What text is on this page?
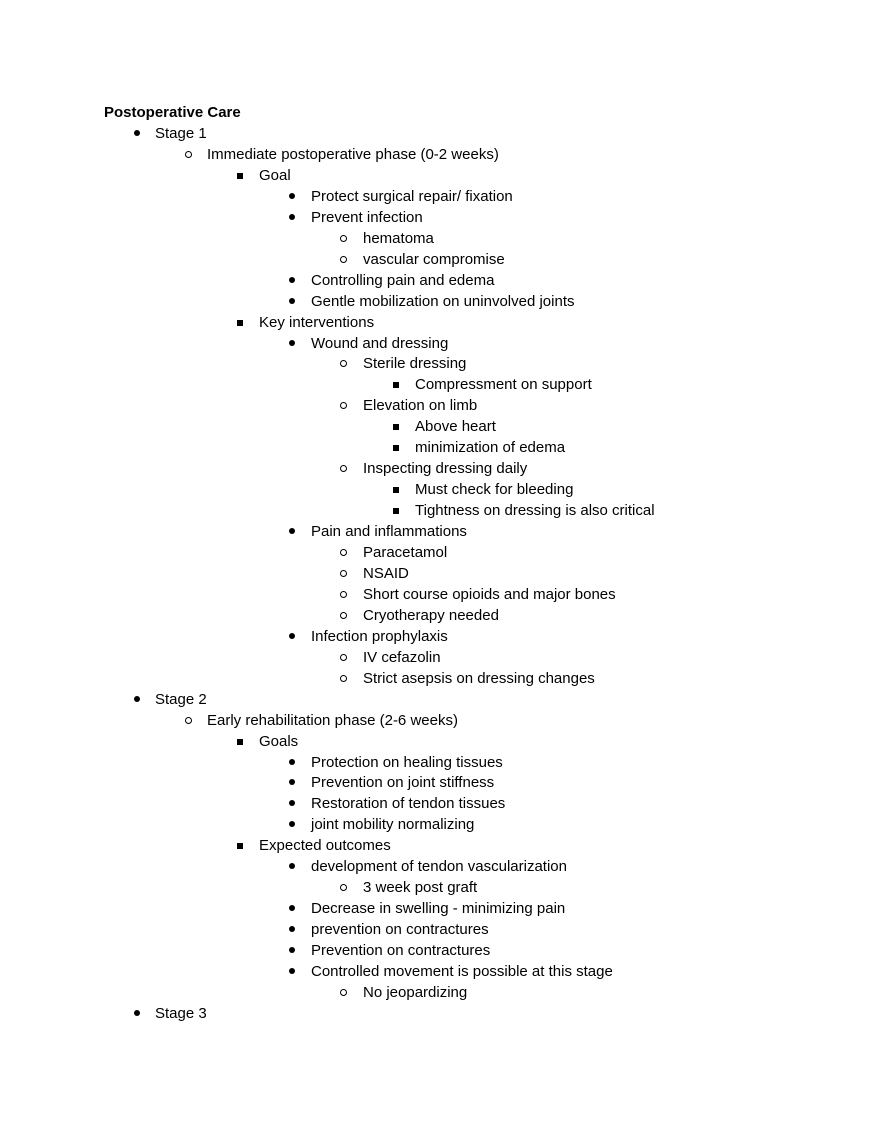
Postoperative Care
Stage 1
Immediate postoperative phase (0-2 weeks)
Goal
Protect surgical repair/ fixation
Prevent infection
hematoma
vascular compromise
Controlling pain and edema
Gentle mobilization on uninvolved joints
Key interventions
Wound and dressing
Sterile dressing
Compressment on support
Elevation on limb
Above heart
minimization of edema
Inspecting dressing daily
Must check for bleeding
Tightness on dressing is also critical
Pain and inflammations
Paracetamol
NSAID
Short course opioids and major bones
Cryotherapy needed
Infection prophylaxis
IV cefazolin
Strict asepsis on dressing changes
Stage 2
Early rehabilitation phase (2-6 weeks)
Goals
Protection on healing tissues
Prevention on joint stiffness
Restoration of tendon tissues
joint mobility normalizing
Expected outcomes
development of tendon vascularization
3 week post graft
Decrease in swelling - minimizing pain
prevention on contractures
Prevention on contractures
Controlled movement is possible at this stage
No jeopardizing
Stage 3
